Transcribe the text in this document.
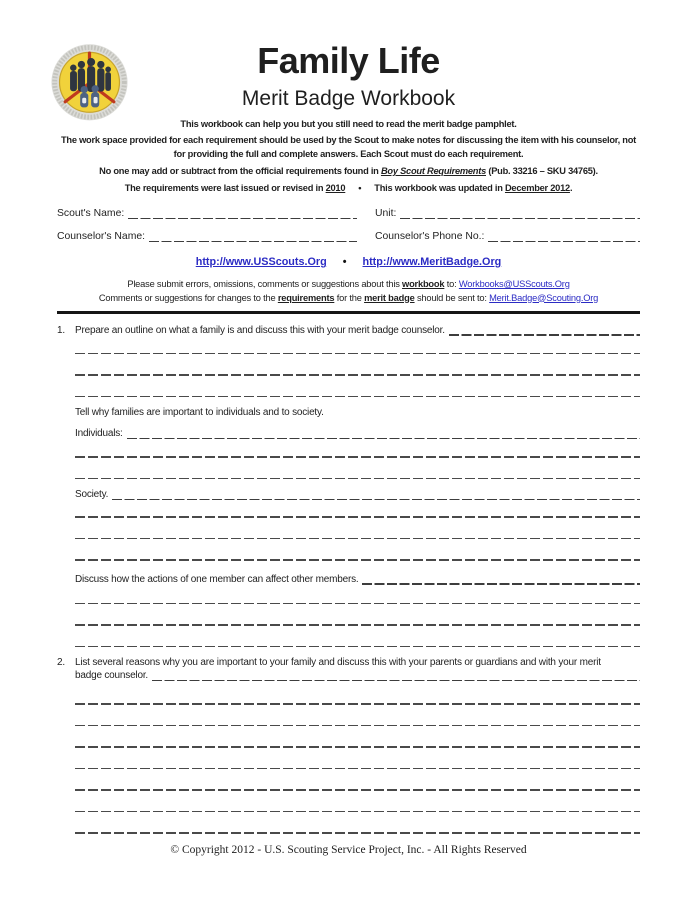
Family Life
Merit Badge Workbook
This workbook can help you but you still need to read the merit badge pamphlet.
The work space provided for each requirement should be used by the Scout to make notes for discussing the item with his counselor, not for providing the full and complete answers. Each Scout must do each requirement.
No one may add or subtract from the official requirements found in Boy Scout Requirements (Pub. 33216 – SKU 34765).
The requirements were last issued or revised in 2010 • This workbook was updated in December 2012.
Scout's Name:	Unit:
Counselor's Name:	Counselor's Phone No.:
http://www.USScouts.Org • http://www.MeritBadge.Org
Please submit errors, omissions, comments or suggestions about this workbook to: Workbooks@USScouts.Org
Comments or suggestions for changes to the requirements for the merit badge should be sent to: Merit.Badge@Scouting.Org
1.	Prepare an outline on what a family is and discuss this with your merit badge counselor.
Tell why families are important to individuals and to society.
Individuals:
Society.
Discuss how the actions of one member can affect other members.
2.	List several reasons why you are important to your family and discuss this with your parents or guardians and with your merit
badge counselor.
© Copyright 2012 - U.S. Scouting Service Project, Inc. - All Rights Reserved
